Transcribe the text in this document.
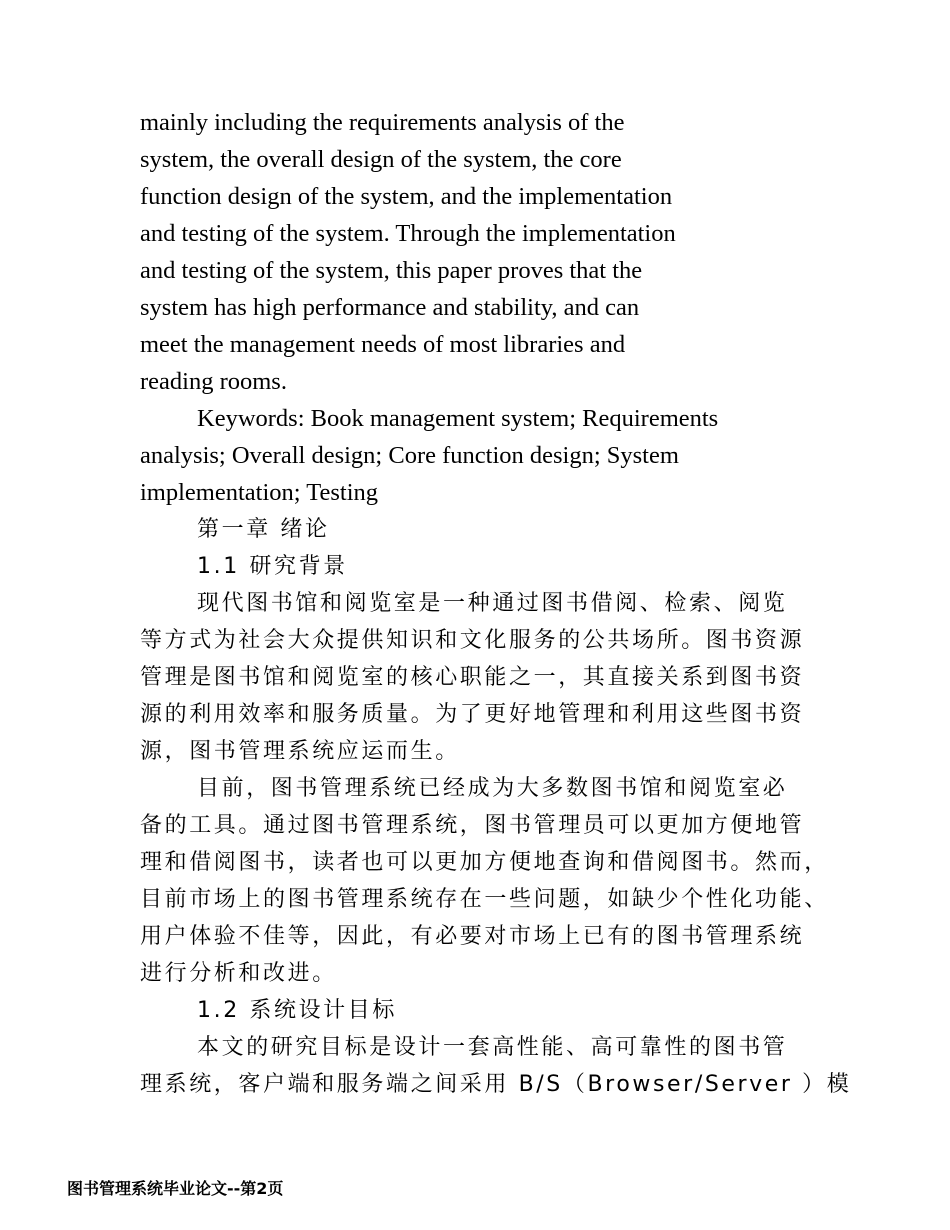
mainly including the requirements analysis of the
system, the overall design of the system, the core
function design of the system, and the implementation
and testing of the system. Through the implementation
and testing of the system, this paper proves that the
system has high performance and stability, and can
meet the management needs of most libraries and
reading rooms.
Keywords: Book management system; Requirements
analysis; Overall design; Core function design; System
implementation; Testing
第一章 绪论
1.1 研究背景
现代图书馆和阅览室是一种通过图书借阅、检索、阅览
等方式为社会大众提供知识和文化服务的公共场所。图书资源
管理是图书馆和阅览室的核心职能之一，其直接关系到图书资
源的利用效率和服务质量。为了更好地管理和利用这些图书资
源，图书管理系统应运而生。
目前，图书管理系统已经成为大多数图书馆和阅览室必
备的工具。通过图书管理系统，图书管理员可以更加方便地管
理和借阅图书，读者也可以更加方便地查询和借阅图书。然而，
目前市场上的图书管理系统存在一些问题，如缺少个性化功能、
用户体验不佳等，因此，有必要对市场上已有的图书管理系统
进行分析和改进。
1.2 系统设计目标
本文的研究目标是设计一套高性能、高可靠性的图书管
理系统，客户端和服务端之间采用 B/S（Browser/Server ）模
图书管理系统毕业论文--第2页
